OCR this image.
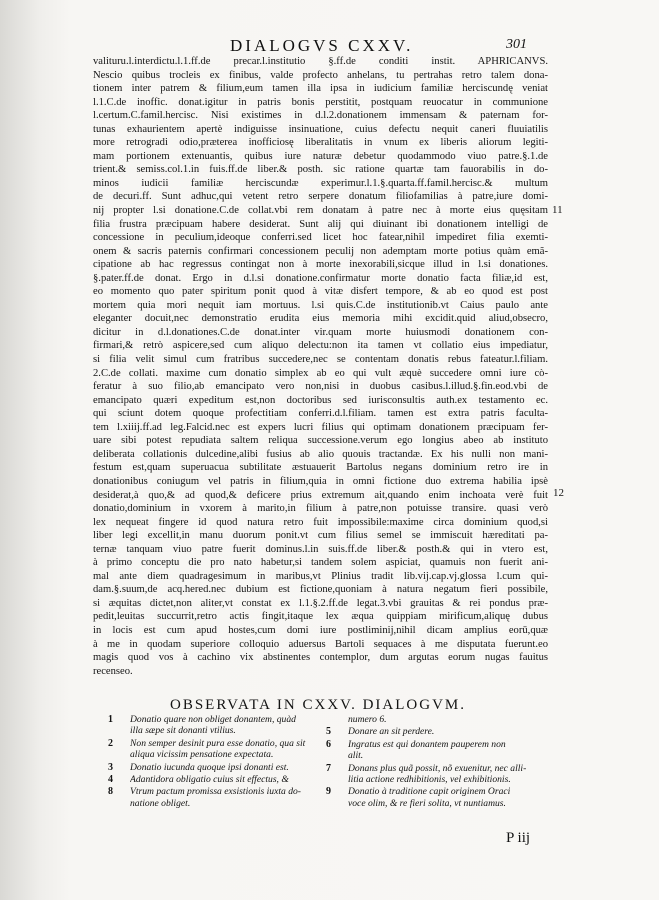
DIALOGVS CXXV.	301
11
12
valituru.l.interdictu.l.1.ff.de precar.l.institutio §.ff.de conditi instit. APHRICANVS.
Nescio quibus trocleis ex finibus, valde profecto anhelans, tu pertrahas retro talem dona-
tionem inter patrem & filium,eum tamen illa ipsa in iudicium familiæ herciscundę veniat
l.1.C.de inoffic. donat.igitur in patris bonis perstitit, postquam reuocatur in communione
l.certum.C.famil.hercisc. Nisi existimes in d.l.2.donationem immensam & paternam for-
tunas exhaurientem apertè indiguisse insinuatione, cuius defectu nequit caneri fluuiatilis
more retrogradi odio,præterea inofficiosę liberalitatis in vnum ex liberis aliorum legiti-
mam portionem extenuantis, quibus iure naturæ debetur quodammodo viuo patre.§.1.de
trient.& semiss.col.1.in fuis.ff.de liber.& posth. sic ratione quartæ tam fauorabilis in do-
minos iudicii familiæ herciscundæ experimur.l.1.§.quarta.ff.famil.hercisc.& multum
de decuri.ff. Sunt adhuc,qui vetent retro serpere donatum filiofamilias à patre,iure domi-
nij propter l.si donatione.C.de collat.vbi rem donatam à patre nec à morte eius quęsitam
filia frustra præcipuam habere desiderat. Sunt alij qui diuinant ibi donationem intelligi de
concessione in peculium,ideoque conferri.sed licet hoc fatear,nihil impediret filia exemti-
onem & sacris paternis confirmari concessionem peculij non ademptam morte potius quàm emã-
cipatione ab hac regressus contingat non à morte inexorabili,sicque illud in l.si donationes.
§.pater.ff.de donat. Ergo in d.l.si donatione.confirmatur morte donatio facta filiæ,id est,
eo momento quo pater spiritum ponit quod à vitæ disfert tempore, & ab eo quod est post
mortem quia mori nequit iam mortuus. l.si quis.C.de institutionib.vt Caius paulo ante
eleganter docuit,nec demonstratio erudita eius memoria mihi excidit.quid aliud,obsecro,
dicitur in d.l.donationes.C.de donat.inter vir.quam morte huiusmodi donationem con-
firmari,& retrò aspicere,sed cum aliquo delectu:non ita tamen vt collatio eius impediatur,
si filia velit simul cum fratribus succedere,nec se contentam donatis rebus fateatur.l.filiam.
2.C.de collati. maxime cum donatio simplex ab eo qui vult æquè succedere omni iure cò-
feratur à suo filio,ab emancipato vero non,nisi in duobus casibus.l.illud.§.fin.eod.vbi de
emancipato quæri expeditum est,non doctoribus sed iurisconsultis auth.ex testamento ec.
qui sciunt dotem quoque profectitiam conferri.d.l.filiam. tamen est extra patris faculta-
tem l.xiiij.ff.ad leg.Falcid.nec est expers lucri filius qui optimam donationem præcipuam fer-
uare sibi potest repudiata saltem reliqua successione.verum ego longius abeo ab instituto
deliberata collationis dulcedine,alibi fusius ab alio quouis tractandæ. Ex his nulli non mani-
festum est,quam superuacua subtilitate æstuauerit Bartolus negans dominium retro ire in
donationibus coniugum vel patris in filium,quia in omni fictione duo extrema habilia ipsè
desiderat,à quo,& ad quod,& deficere prius extremum ait,quando enim inchoata verè fuit
donatio,dominium in vxorem à marito,in filium à patre,non potuisse transire. quasi verò
lex nequeat fingere id quod natura retro fuit impossibile:maxime circa dominium quod,si
liber legi excellit,in manu duorum ponit.vt cum filius semel se immiscuit hæreditati pa-
ternæ tanquam viuo patre fuerit dominus.l.in suis.ff.de liber.& posth.& qui in vtero est,
à primo conceptu die pro nato habetur,si tandem solem aspiciat, quamuis non fuerit ani-
mal ante diem quadragesimum in maribus,vt Plinius tradit lib.vij.cap.vj.glossa l.cum qui-
dam.§.suum,de acq.hered.nec dubium est fictione,quoniam à natura negatum fieri possibile,
si æquitas dictet,non aliter,vt constat ex l.1.§.2.ff.de legat.3.vbi grauitas & rei pondus præ-
pedit,leuitas succurrit,retro actis fingit,itaque lex æqua quippiam mirificum,aliquę dubus
in locis est cum apud hostes,cum domi iure postliminij,nihil dicam amplius eorū,quæ
à me in quodam superiore colloquio aduersus Bartoli sequaces à me disputata fuerunt.eo
magis quod vos à cachino vix abstinentes contemplor, dum argutas eorum nugas fauitus
recenseo.
OBSERVATA IN CXXV. DIALOGVM.
1 Donatio quare non obliget donantem, quàd
illa sæpe sit donanti vtilius.
2 Non semper desinit pura esse donatio, qua sit
aliqua vicissim pensatione expectata.
3 Donatio iucunda quoque ipsi donanti est.
4 Adantidora obligatio cuius sit effectus, &
8 Vtrum pactum promissa exsistionis iuxta do-
natione obliget.
numero 6.
5 Donare an sit perdere.
6 Ingratus est qui donantem pauperem non
alit.
7 Donans plus quã possit, nõ exuenitur, nec alli-
litia actione redhibitionis, vel exhibitionis.
9 Donatio à traditione capit originem Oraci
voce olim, & re fieri solita, vt nuntiamus.
P iij
